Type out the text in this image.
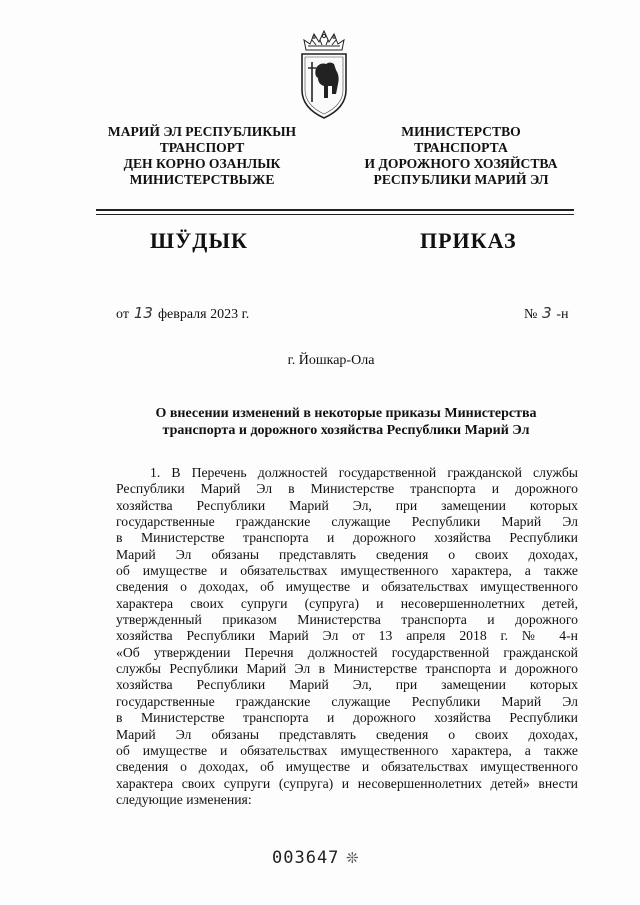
МАРИЙ ЭЛ РЕСПУБЛИКЫН
ТРАНСПОРТ
ДЕН КОРНО ОЗАНЛЫК
МИНИСТЕРСТВЫЖЕ
МИНИСТЕРСТВО
ТРАНСПОРТА
И ДОРОЖНОГО ХОЗЯЙСТВА
РЕСПУБЛИКИ МАРИЙ ЭЛ
ШӰДЫК	ПРИКАЗ
от 13 февраля 2023 г.	№ 3 -н
г. Йошкар-Ола
О внесении изменений в некоторые приказы Министерства
транспорта и дорожного хозяйства Республики Марий Эл
1. В Перечень должностей государственной гражданской службы
Республики Марий Эл в Министерстве транспорта и дорожного
хозяйства Республики Марий Эл, при замещении которых
государственные гражданские служащие Республики Марий Эл
в Министерстве транспорта и дорожного хозяйства Республики
Марий Эл обязаны представлять сведения о своих доходах,
об имуществе и обязательствах имущественного характера, а также
сведения о доходах, об имуществе и обязательствах имущественного
характера своих супруги (супруга) и несовершеннолетних детей,
утвержденный приказом Министерства транспорта и дорожного
хозяйства Республики Марий Эл от 13 апреля 2018 г. № 4-н
«Об утверждении Перечня должностей государственной гражданской
службы Республики Марий Эл в Министерстве транспорта и дорожного
хозяйства Республики Марий Эл, при замещении которых
государственные гражданские служащие Республики Марий Эл
в Министерстве транспорта и дорожного хозяйства Республики
Марий Эл обязаны представлять сведения о своих доходах,
об имуществе и обязательствах имущественного характера, а также
сведения о доходах, об имуществе и обязательствах имущественного
характера своих супруги (супруга) и несовершеннолетних детей» внести
следующие изменения:
003647 ❊
